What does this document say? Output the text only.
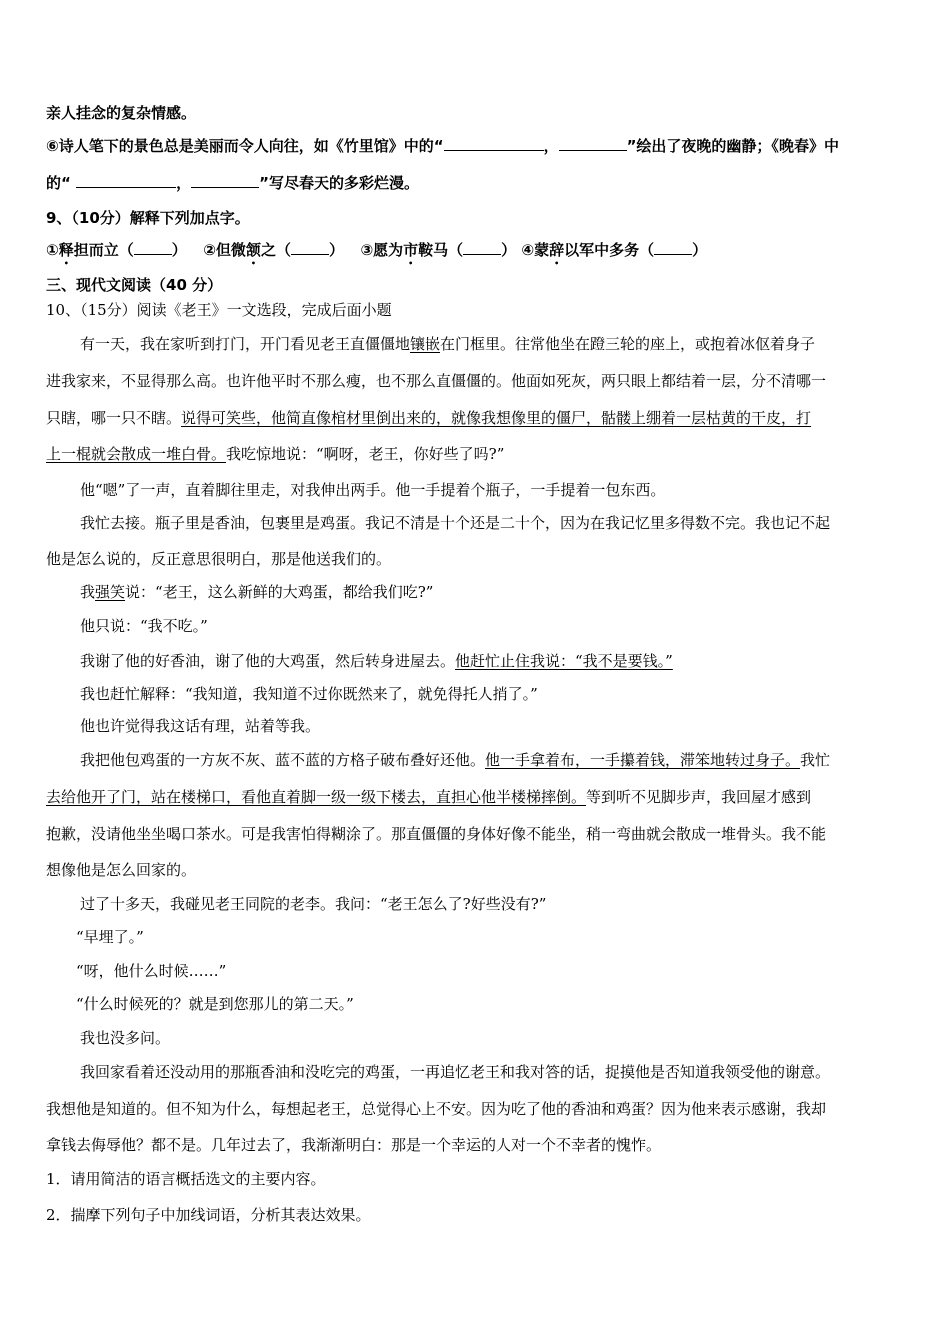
亲人挂念的复杂情感。
⑥诗人笔下的景色总是美丽而令人向往，如《竹里馆》中的“	，	”绘出了夜晚的幽静；《晚春》中
的“	，	”写尽春天的多彩烂漫。
9、（10分）解释下列加点字。
①释担而立（	） ②但微颔之（	） ③愿为市鞍马（	） ④蒙辞以军中多务（	）
三、现代文阅读（40 分）
10、（15分）阅读《老王》一文选段，完成后面小题
有一天，我在家听到打门，开门看见老王直僵僵地镶嵌在门框里。往常他坐在蹬三轮的座上，或抱着冰伛着身子
进我家来，不显得那么高。也许他平时不那么瘦，也不那么直僵僵的。他面如死灰，两只眼上都结着一层，分不清哪一
只瞎，哪一只不瞎。说得可笑些，他简直像棺材里倒出来的，就像我想像里的僵尸，骷髅上绷着一层枯黄的干皮，打
上一棍就会散成一堆白骨。我吃惊地说：“啊呀，老王，你好些了吗?”
他“嗯”了一声，直着脚往里走，对我伸出两手。他一手提着个瓶子，一手提着一包东西。
我忙去接。瓶子里是香油，包裹里是鸡蛋。我记不清是十个还是二十个，因为在我记忆里多得数不完。我也记不起
他是怎么说的，反正意思很明白，那是他送我们的。
我强笑说：“老王，这么新鲜的大鸡蛋，都给我们吃?”
他只说：“我不吃。”
我谢了他的好香油，谢了他的大鸡蛋，然后转身进屋去。他赶忙止住我说：“我不是要钱。”
我也赶忙解释：“我知道，我知道不过你既然来了，就免得托人捎了。”
他也许觉得我这话有理，站着等我。
我把他包鸡蛋的一方灰不灰、蓝不蓝的方格子破布叠好还他。他一手拿着布，一手攥着钱，滞笨地转过身子。我忙
去给他开了门，站在楼梯口，看他直着脚一级一级下楼去，直担心他半楼梯摔倒。等到听不见脚步声，我回屋才感到
抱歉，没请他坐坐喝口茶水。可是我害怕得糊涂了。那直僵僵的身体好像不能坐，稍一弯曲就会散成一堆骨头。我不能
想像他是怎么回家的。
过了十多天，我碰见老王同院的老李。我问：“老王怎么了?好些没有?”
“早埋了。”
“呀，他什么时候……”
“什么时候死的？就是到您那儿的第二天。”
我也没多问。
我回家看着还没动用的那瓶香油和没吃完的鸡蛋，一再追忆老王和我对答的话，捉摸他是否知道我领受他的谢意。
我想他是知道的。但不知为什么，每想起老王，总觉得心上不安。因为吃了他的香油和鸡蛋？因为他来表示感谢，我却
拿钱去侮辱他？都不是。几年过去了，我渐渐明白：那是一个幸运的人对一个不幸者的愧怍。
1．请用简洁的语言概括选文的主要内容。
2．揣摩下列句子中加线词语，分析其表达效果。
